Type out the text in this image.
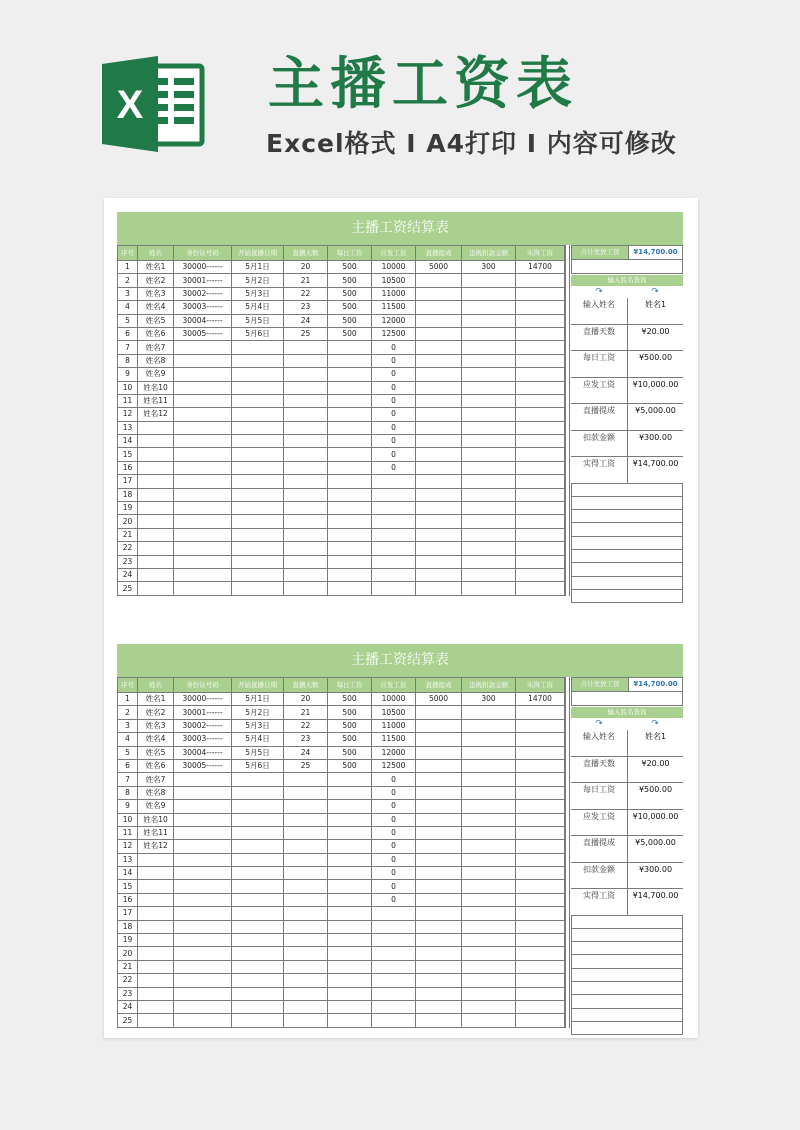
X 主播工资表

Excel格式 I A4打印 I 内容可修改

主播工资结算表
序号	姓名	身份证号码	开始直播日期	直播天数	每日工资	应发工资	直播提成	违规扣款金额	实得工资
1	姓名1	30000------	5月1日	20	500	10000	5000	300	14700
2	姓名2	30001------	5月2日	21	500	10500			
3	姓名3	30002------	5月3日	22	500	11000			
4	姓名4	30003------	5月4日	23	500	11500			
5	姓名5	30004------	5月5日	24	500	12000			
6	姓名6	30005------	5月6日	25	500	12500			
7	姓名7					0			
8	姓名8					0			
9	姓名9					0			
10	姓名10					0			
11	姓名11					0			
12	姓名12					0			
13						0			
14						0			
15						0			
16						0			
17									
18									
19									
20									
21									
22									
23									
24									
25									
合计发放工资	¥14,700.00
输入姓名查询
↷	↷
输入姓名	姓名1
直播天数	¥20.00
每日工资	¥500.00
应发工资	¥10,000.00
直播提成	¥5,000.00
扣款金额	¥300.00
实得工资	¥14,700.00
主播工资结算表
序号	姓名	身份证号码	开始直播日期	直播天数	每日工资	应发工资	直播提成	违规扣款金额	实得工资
1	姓名1	30000------	5月1日	20	500	10000	5000	300	14700
2	姓名2	30001------	5月2日	21	500	10500			
3	姓名3	30002------	5月3日	22	500	11000			
4	姓名4	30003------	5月4日	23	500	11500			
5	姓名5	30004------	5月5日	24	500	12000			
6	姓名6	30005------	5月6日	25	500	12500			
7	姓名7					0			
8	姓名8					0			
9	姓名9					0			
10	姓名10					0			
11	姓名11					0			
12	姓名12					0			
13						0			
14						0			
15						0			
16						0			
17									
18									
19									
20									
21									
22									
23									
24									
25									
合计发放工资	¥14,700.00
输入姓名查询
↷	↷
输入姓名	姓名1
直播天数	¥20.00
每日工资	¥500.00
应发工资	¥10,000.00
直播提成	¥5,000.00
扣款金额	¥300.00
实得工资	¥14,700.00
